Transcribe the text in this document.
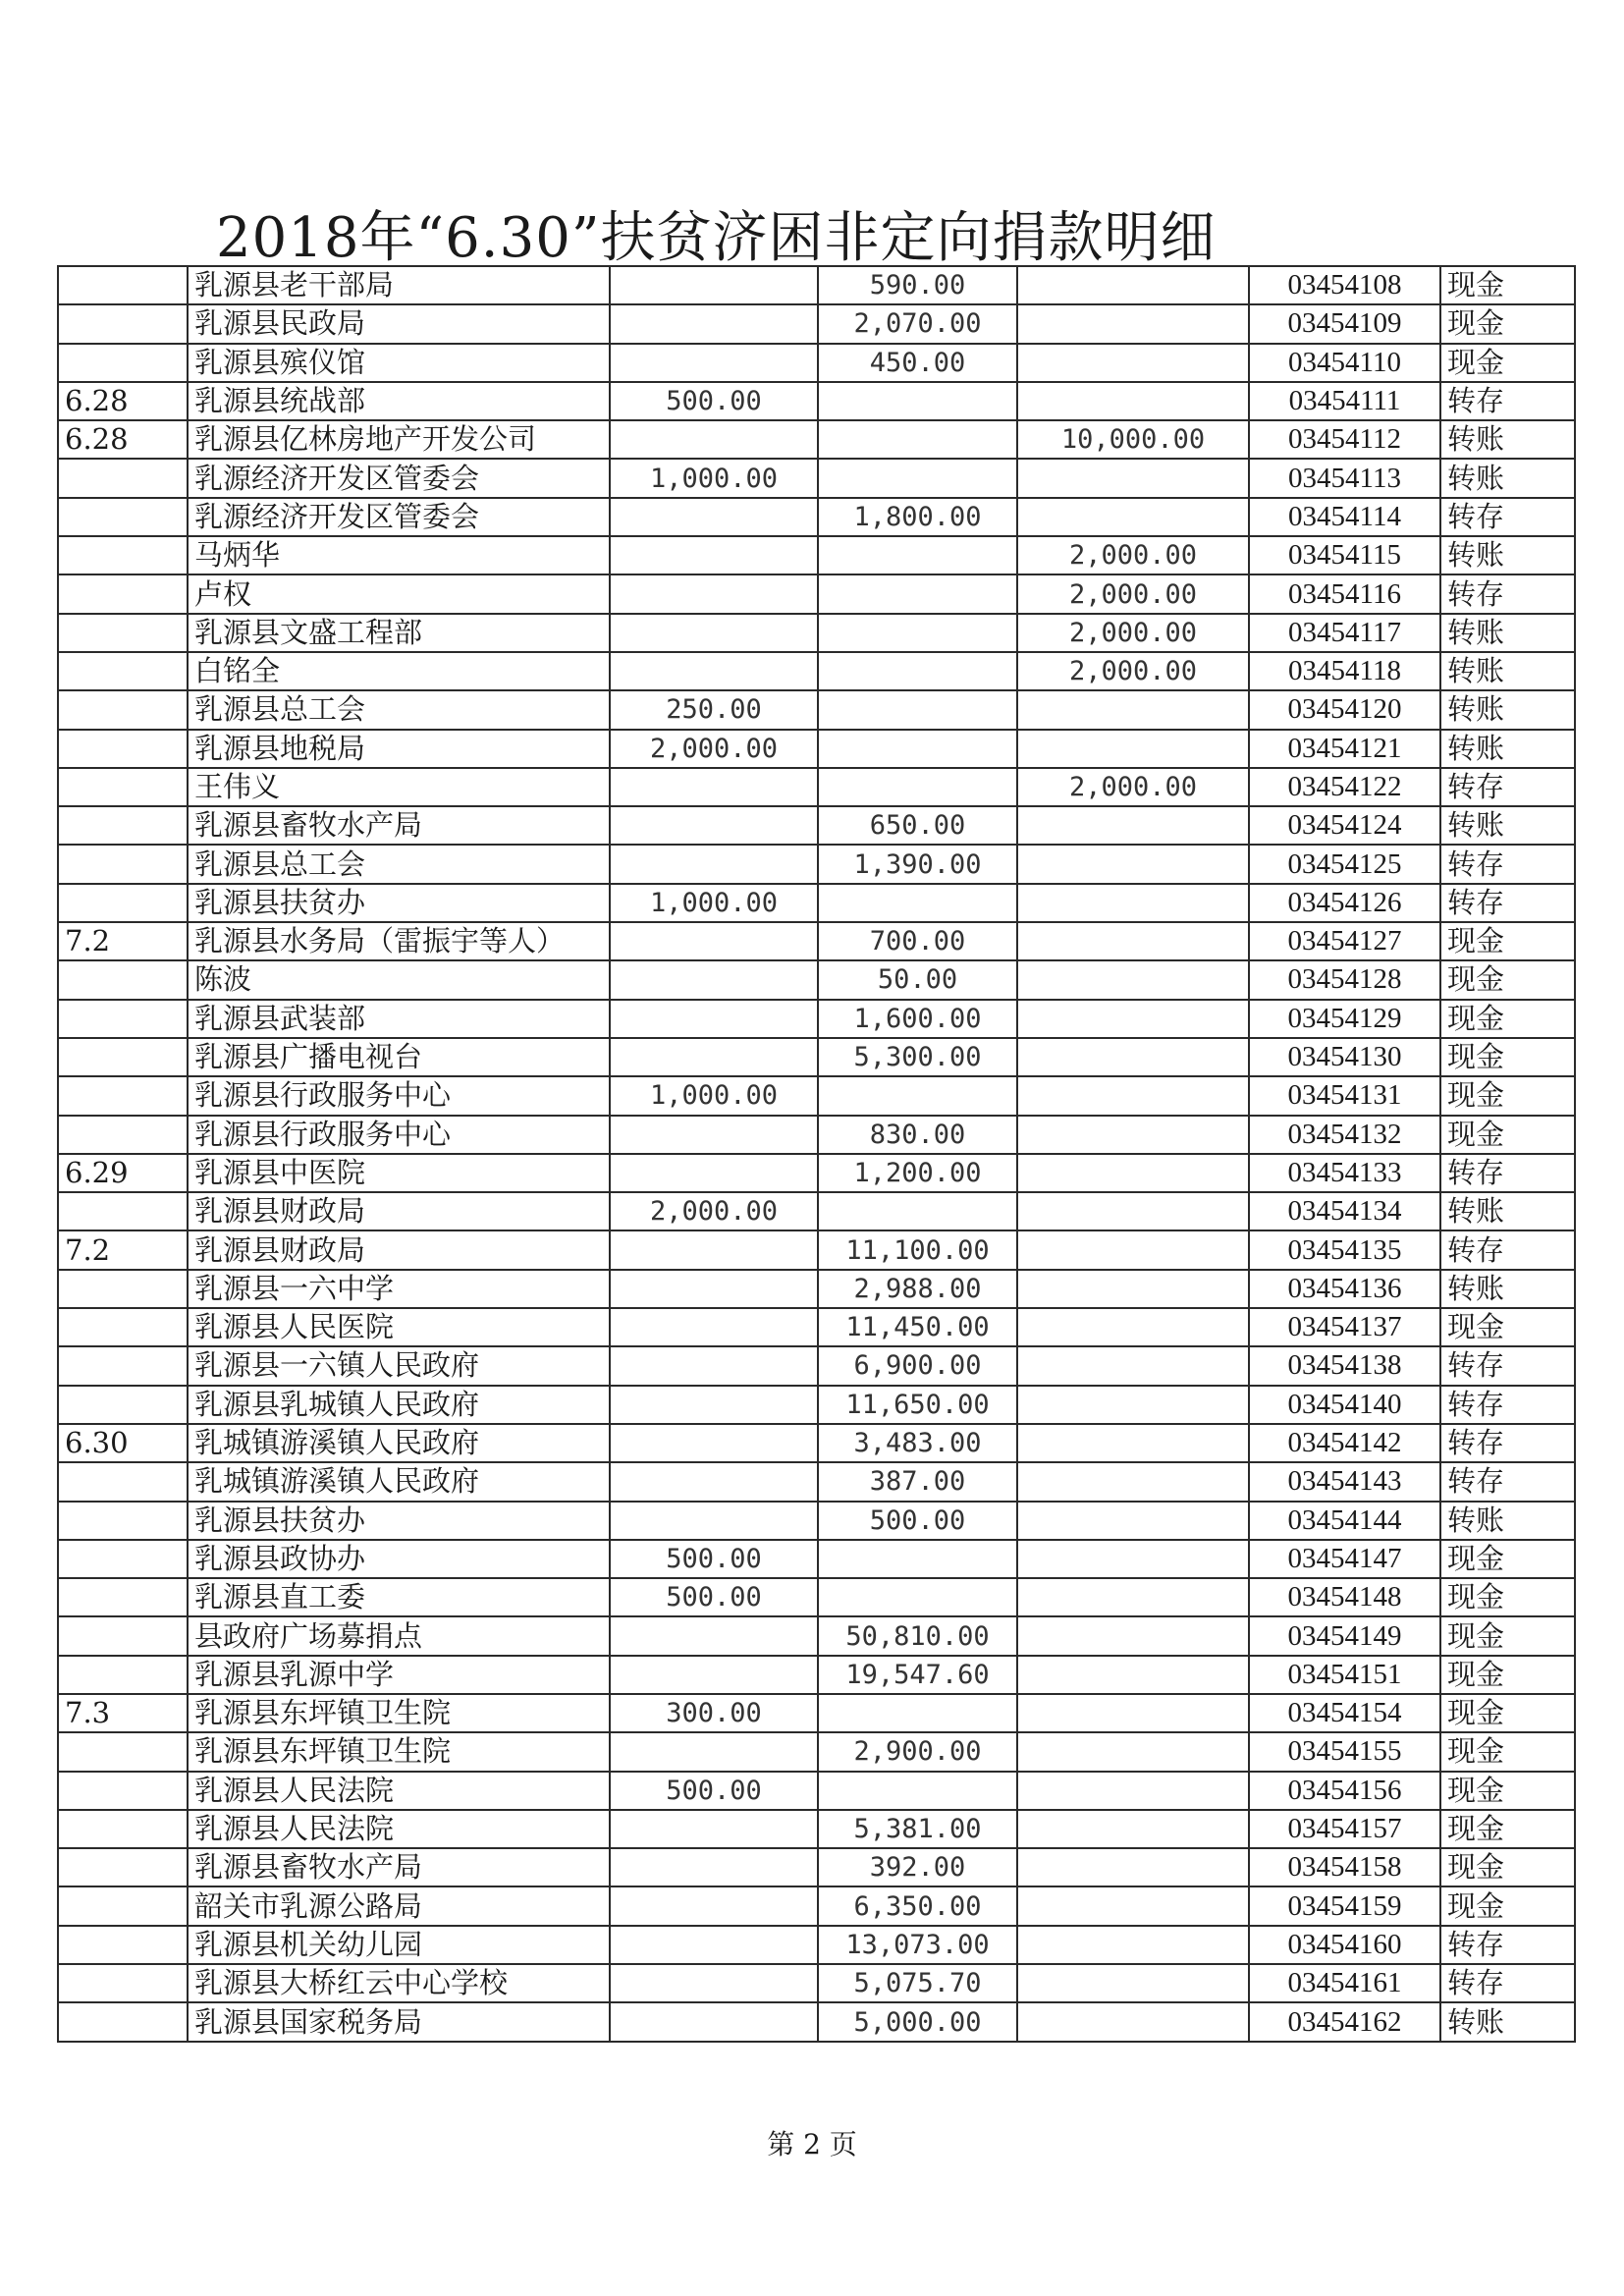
2018年“6.30”扶贫济困非定向捐款明细
	乳源县老干部局		590.00		03454108	现金
	乳源县民政局		2,070.00		03454109	现金
	乳源县殡仪馆		450.00		03454110	现金
6.28	乳源县统战部	500.00			03454111	转存
6.28	乳源县亿林房地产开发公司			10,000.00	03454112	转账
	乳源经济开发区管委会	1,000.00			03454113	转账
	乳源经济开发区管委会		1,800.00		03454114	转存
	马炳华			2,000.00	03454115	转账
	卢权			2,000.00	03454116	转存
	乳源县文盛工程部			2,000.00	03454117	转账
	白铭全			2,000.00	03454118	转账
	乳源县总工会	250.00			03454120	转账
	乳源县地税局	2,000.00			03454121	转账
	王伟义			2,000.00	03454122	转存
	乳源县畜牧水产局		650.00		03454124	转账
	乳源县总工会		1,390.00		03454125	转存
	乳源县扶贫办	1,000.00			03454126	转存
7.2	乳源县水务局（雷振宇等人）		700.00		03454127	现金
	陈波		50.00		03454128	现金
	乳源县武装部		1,600.00		03454129	现金
	乳源县广播电视台		5,300.00		03454130	现金
	乳源县行政服务中心	1,000.00			03454131	现金
	乳源县行政服务中心		830.00		03454132	现金
6.29	乳源县中医院		1,200.00		03454133	转存
	乳源县财政局	2,000.00			03454134	转账
7.2	乳源县财政局		11,100.00		03454135	转存
	乳源县一六中学		2,988.00		03454136	转账
	乳源县人民医院		11,450.00		03454137	现金
	乳源县一六镇人民政府		6,900.00		03454138	转存
	乳源县乳城镇人民政府		11,650.00		03454140	转存
6.30	乳城镇游溪镇人民政府		3,483.00		03454142	转存
	乳城镇游溪镇人民政府		387.00		03454143	转存
	乳源县扶贫办		500.00		03454144	转账
	乳源县政协办	500.00			03454147	现金
	乳源县直工委	500.00			03454148	现金
	县政府广场募捐点		50,810.00		03454149	现金
	乳源县乳源中学		19,547.60		03454151	现金
7.3	乳源县东坪镇卫生院	300.00			03454154	现金
	乳源县东坪镇卫生院		2,900.00		03454155	现金
	乳源县人民法院	500.00			03454156	现金
	乳源县人民法院		5,381.00		03454157	现金
	乳源县畜牧水产局		392.00		03454158	现金
	韶关市乳源公路局		6,350.00		03454159	现金
	乳源县机关幼儿园		13,073.00		03454160	转存
	乳源县大桥红云中心学校		5,075.70		03454161	转存
	乳源县国家税务局		5,000.00		03454162	转账
第 2 页
